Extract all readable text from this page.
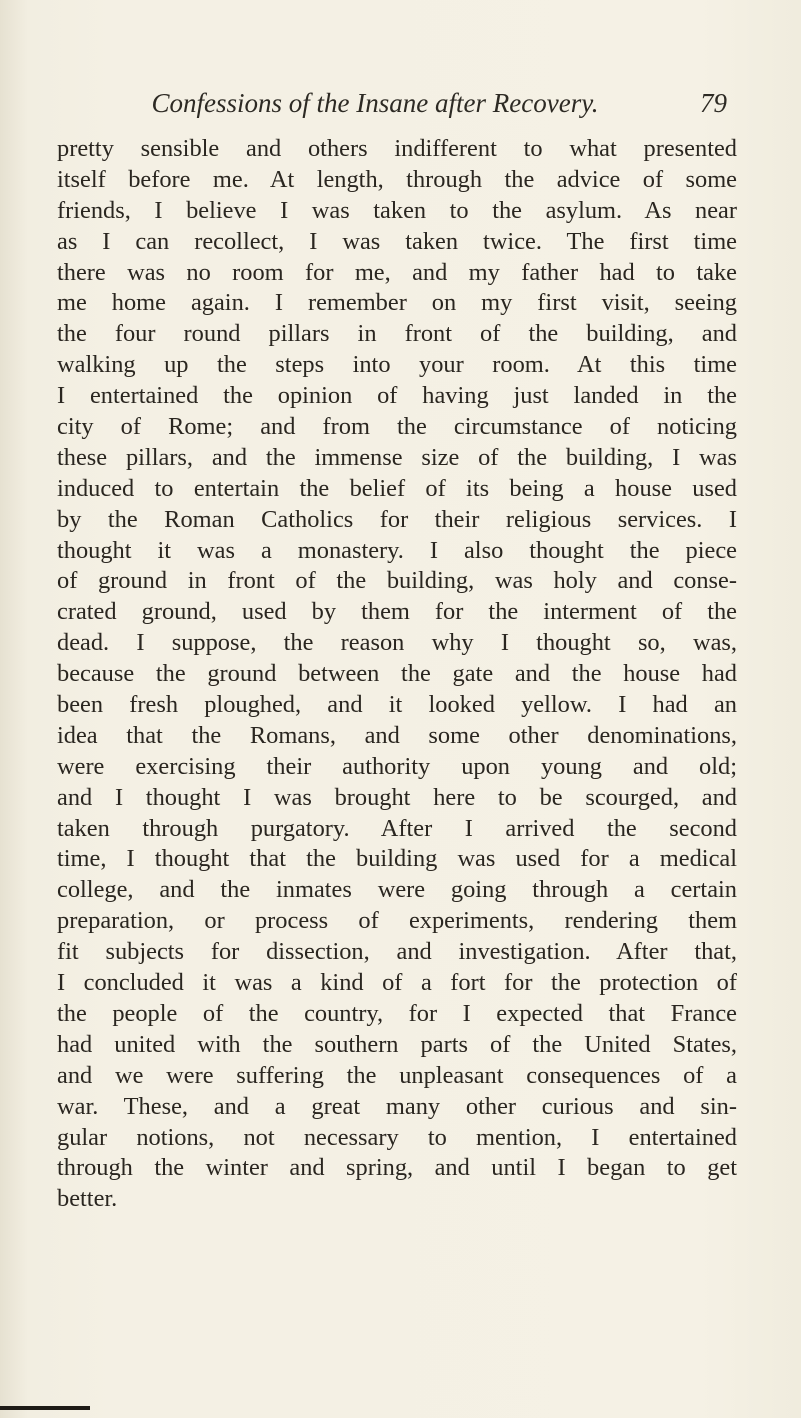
Confessions of the Insane after Recovery.	79
pretty sensible and others indifferent to what presented
itself before me. At length, through the advice of some
friends, I believe I was taken to the asylum. As near
as I can recollect, I was taken twice. The first time
there was no room for me, and my father had to take
me home again. I remember on my first visit, seeing
the four round pillars in front of the building, and
walking up the steps into your room. At this time
I entertained the opinion of having just landed in the
city of Rome; and from the circumstance of noticing
these pillars, and the immense size of the building, I was
induced to entertain the belief of its being a house used
by the Roman Catholics for their religious services. I
thought it was a monastery. I also thought the piece
of ground in front of the building, was holy and conse-
crated ground, used by them for the interment of the
dead. I suppose, the reason why I thought so, was,
because the ground between the gate and the house had
been fresh ploughed, and it looked yellow. I had an
idea that the Romans, and some other denominations,
were exercising their authority upon young and old;
and I thought I was brought here to be scourged, and
taken through purgatory. After I arrived the second
time, I thought that the building was used for a medical
college, and the inmates were going through a certain
preparation, or process of experiments, rendering them
fit subjects for dissection, and investigation. After that,
I concluded it was a kind of a fort for the protection of
the people of the country, for I expected that France
had united with the southern parts of the United States,
and we were suffering the unpleasant consequences of a
war. These, and a great many other curious and sin-
gular notions, not necessary to mention, I entertained
through the winter and spring, and until I began to get
better.
